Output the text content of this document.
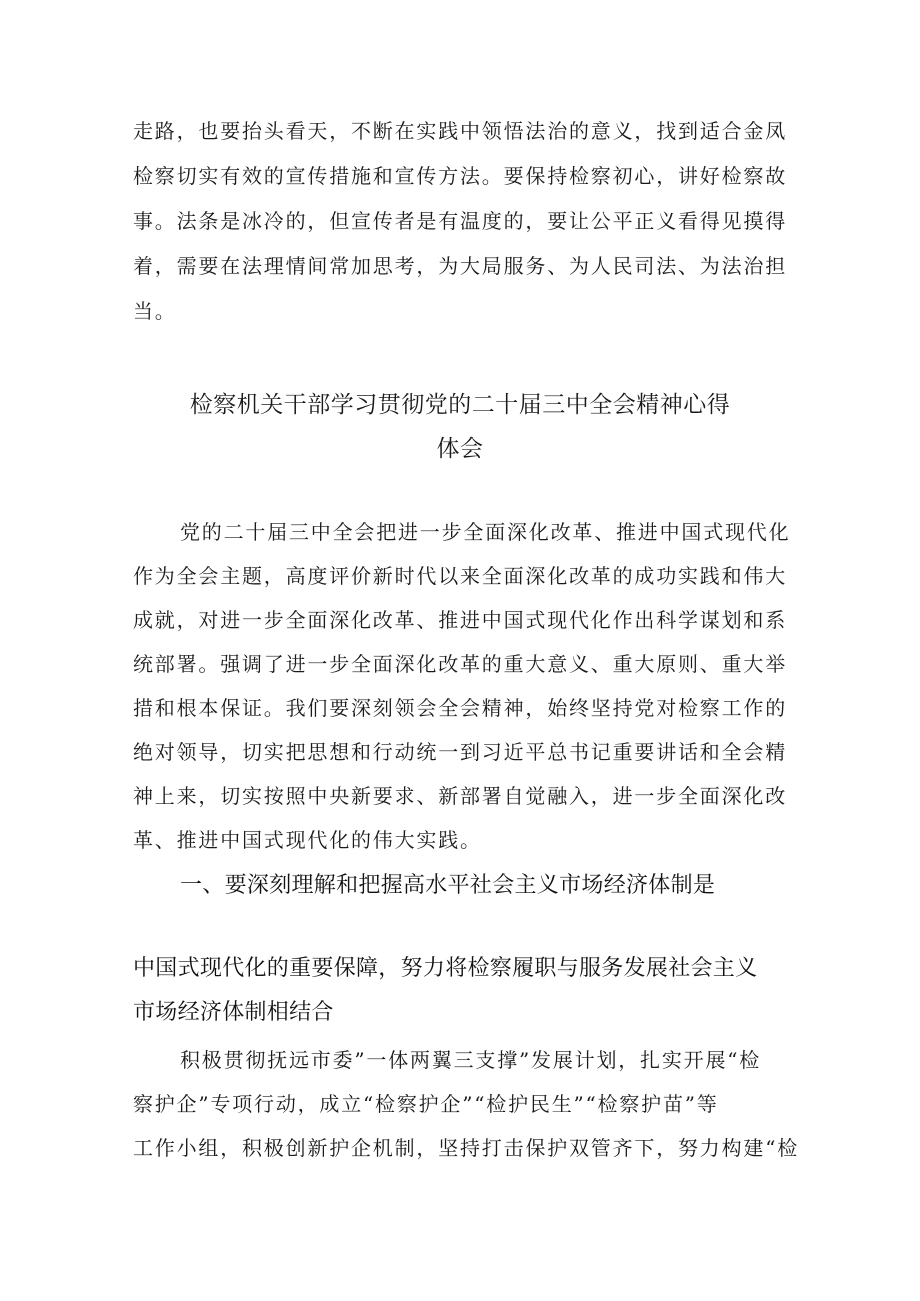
走路，也要抬头看天，不断在实践中领悟法治的意义，找到适合金凤
检察切实有效的宣传措施和宣传方法。要保持检察初心，讲好检察故
事。法条是冰冷的，但宣传者是有温度的，要让公平正义看得见摸得
着，需要在法理情间常加思考，为大局服务、为人民司法、为法治担
当。
检察机关干部学习贯彻党的二十届三中全会精神心得
体会
党的二十届三中全会把进一步全面深化改革、推进中国式现代化
作为全会主题，高度评价新时代以来全面深化改革的成功实践和伟大
成就，对进一步全面深化改革、推进中国式现代化作出科学谋划和系
统部署。强调了进一步全面深化改革的重大意义、重大原则、重大举
措和根本保证。我们要深刻领会全会精神，始终坚持党对检察工作的
绝对领导，切实把思想和行动统一到习近平总书记重要讲话和全会精
神上来，切实按照中央新要求、新部署自觉融入，进一步全面深化改
革、推进中国式现代化的伟大实践。
一、要深刻理解和把握高水平社会主义市场经济体制是
中国式现代化的重要保障，努力将检察履职与服务发展社会主义
市场经济体制相结合
积极贯彻抚远市委”一体两翼三支撑”发展计划，扎实开展“检
察护企”专项行动，成立“检察护企”“检护民生”“检察护苗”等
工作小组，积极创新护企机制，坚持打击保护双管齐下，努力构建“检
